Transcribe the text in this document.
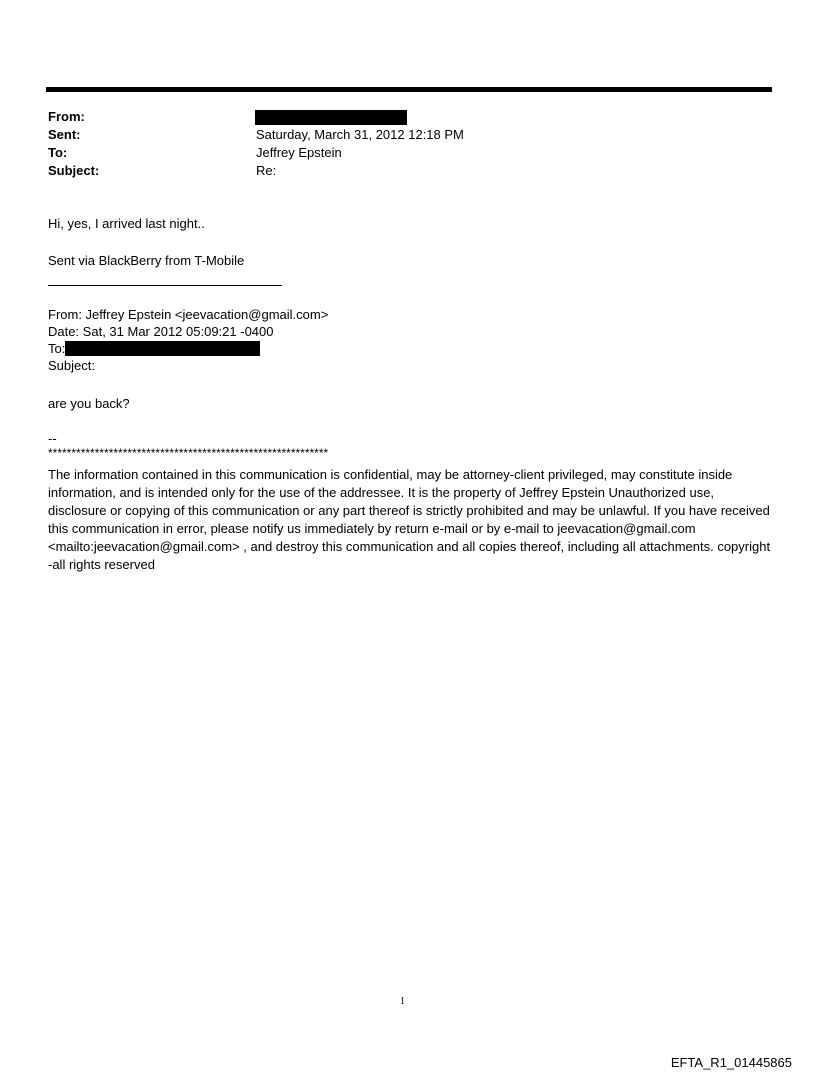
From:
Sent:	Saturday, March 31, 2012 12:18 PM
To:	Jeffrey Epstein
Subject:	Re:
Hi, yes, I arrived last night..
Sent via BlackBerry from T-Mobile
From: Jeffrey Epstein <jeevacation@gmail.com>
Date: Sat, 31 Mar 2012 05:09:21 -0400
To:
Subject:
are you back?
--
************************************************************
The information contained in this communication is confidential, may be attorney-client privileged, may constitute inside information, and is intended only for the use of the addressee. It is the property of Jeffrey Epstein Unauthorized use, disclosure or copying of this communication or any part thereof is strictly prohibited and may be unlawful. If you have received this communication in error, please notify us immediately by return e-mail or by e-mail to jeevacation@gmail.com <mailto:jeevacation@gmail.com> , and destroy this communication and all copies thereof, including all attachments. copyright -all rights reserved
1
EFTA_R1_01445865
